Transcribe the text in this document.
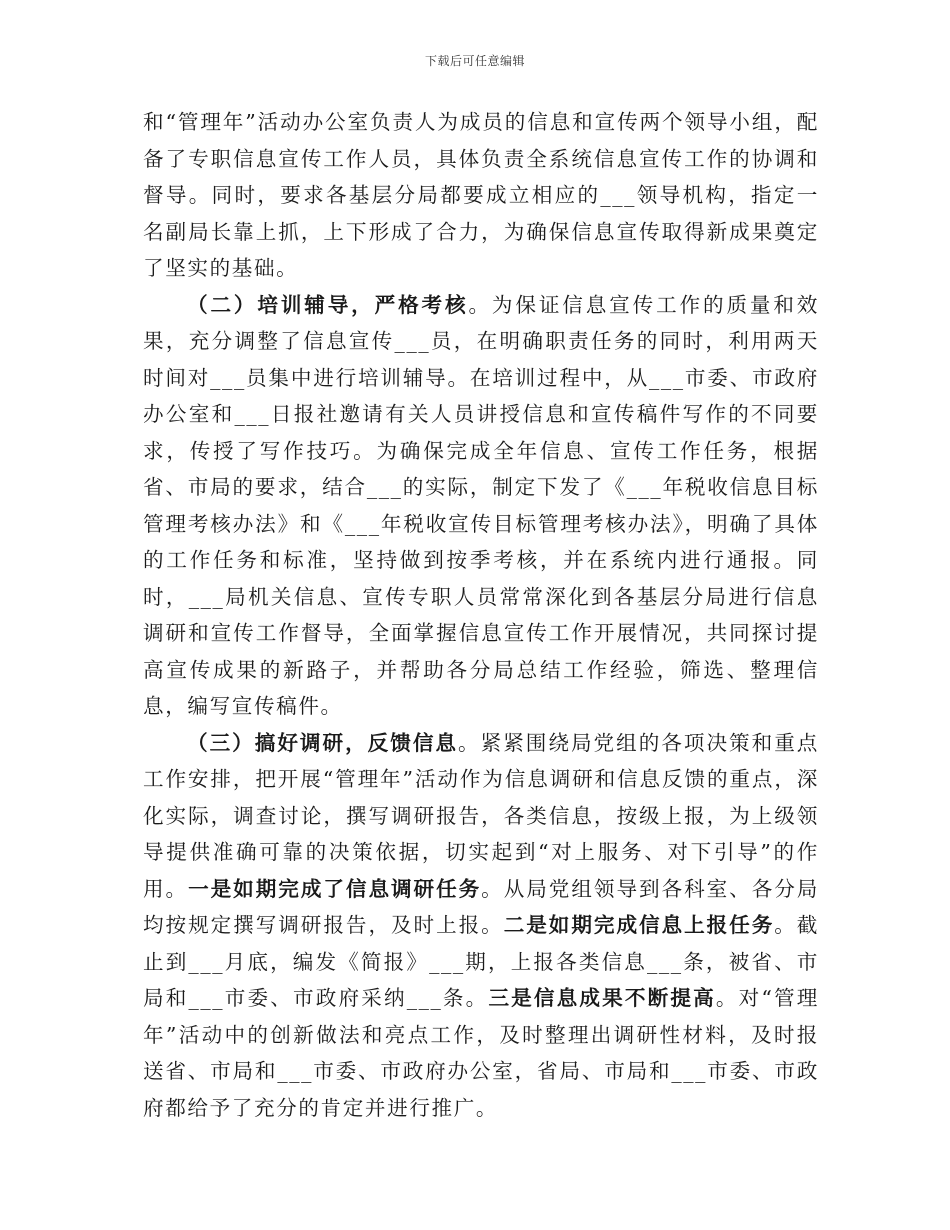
下载后可任意编辑

和“管理年”活动办公室负责人为成员的信息和宣传两个领导小组，配备了专职信息宣传工作人员，具体负责全系统信息宣传工作的协调和督导。同时，要求各基层分局都要成立相应的___领导机构，指定一名副局长靠上抓，上下形成了合力，为确保信息宣传取得新成果奠定了坚实的基础。

（二）培训辅导，严格考核。为保证信息宣传工作的质量和效果，充分调整了信息宣传___员，在明确职责任务的同时，利用两天时间对___员集中进行培训辅导。在培训过程中，从___市委、市政府办公室和___日报社邀请有关人员讲授信息和宣传稿件写作的不同要求，传授了写作技巧。为确保完成全年信息、宣传工作任务，根据省、市局的要求，结合___的实际，制定下发了《___年税收信息目标管理考核办法》和《___年税收宣传目标管理考核办法》，明确了具体的工作任务和标准，坚持做到按季考核，并在系统内进行通报。同时，___局机关信息、宣传专职人员常常深化到各基层分局进行信息调研和宣传工作督导，全面掌握信息宣传工作开展情况，共同探讨提高宣传成果的新路子，并帮助各分局总结工作经验，筛选、整理信息，编写宣传稿件。

（三）搞好调研，反馈信息。紧紧围绕局党组的各项决策和重点工作安排，把开展“管理年”活动作为信息调研和信息反馈的重点，深化实际，调查讨论，撰写调研报告，各类信息，按级上报，为上级领导提供准确可靠的决策依据，切实起到“对上服务、对下引导”的作用。一是如期完成了信息调研任务。从局党组领导到各科室、各分局均按规定撰写调研报告，及时上报。二是如期完成信息上报任务。截止到___月底，编发《简报》___期，上报各类信息___条，被省、市局和___市委、市政府采纳___条。三是信息成果不断提高。对“管理年”活动中的创新做法和亮点工作，及时整理出调研性材料，及时报送省、市局和___市委、市政府办公室，省局、市局和___市委、市政府都给予了充分的肯定并进行推广。
